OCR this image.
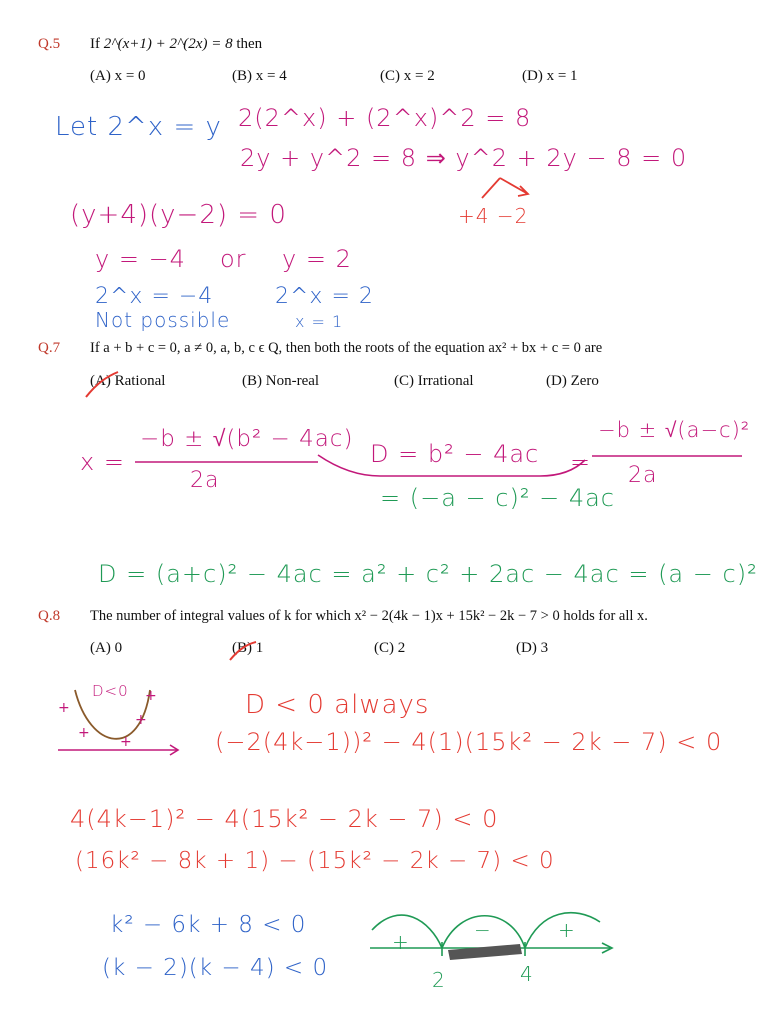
Q.5 If 2^(x+1) + 2^(2x) = 8 then
(A) x = 0	(B) x = 4	(C) x = 2	(D) x = 1
Let 2^x = y 2(2^x) + (2^x)^2 = 8
2y + y^2 = 8 ⇒ y^2 + 2y − 8 = 0
+4 −2
(y+4)(y−2) = 0
y = −4 or y = 2
2^x = −4	2^x = 2
Not possible	x = 1
Q.7 If a + b + c = 0, a ≠ 0, a, b, c ϵ Q, then both the roots of the equation ax² + bx + c = 0 are
(A) Rational	(B) Non-real	(C) Irrational	(D) Zero
x =
−b ± √(b² − 4ac)
2a
D = b² − 4ac
= (−a − c)² − 4ac
=
−b ± √(a−c)²
2a
D = (a+c)² − 4ac = a² + c² + 2ac − 4ac = (a − c)²
Q.8 The number of integral values of k for which x² − 2(4k − 1)x + 15k² − 2k − 7 > 0 holds for all x.
(A) 0	(B) 1	(C) 2	(D) 3
D<0	D < 0 always
(−2(4k−1))² − 4(1)(15k² − 2k − 7) < 0
4(4k−1)² − 4(15k² − 2k − 7) < 0
(16k² − 8k + 1) − (15k² − 2k − 7) < 0
k² − 6k + 8 < 0
(k − 2)(k − 4) < 0
+	−	+
2	4
+
+
+
+
+
